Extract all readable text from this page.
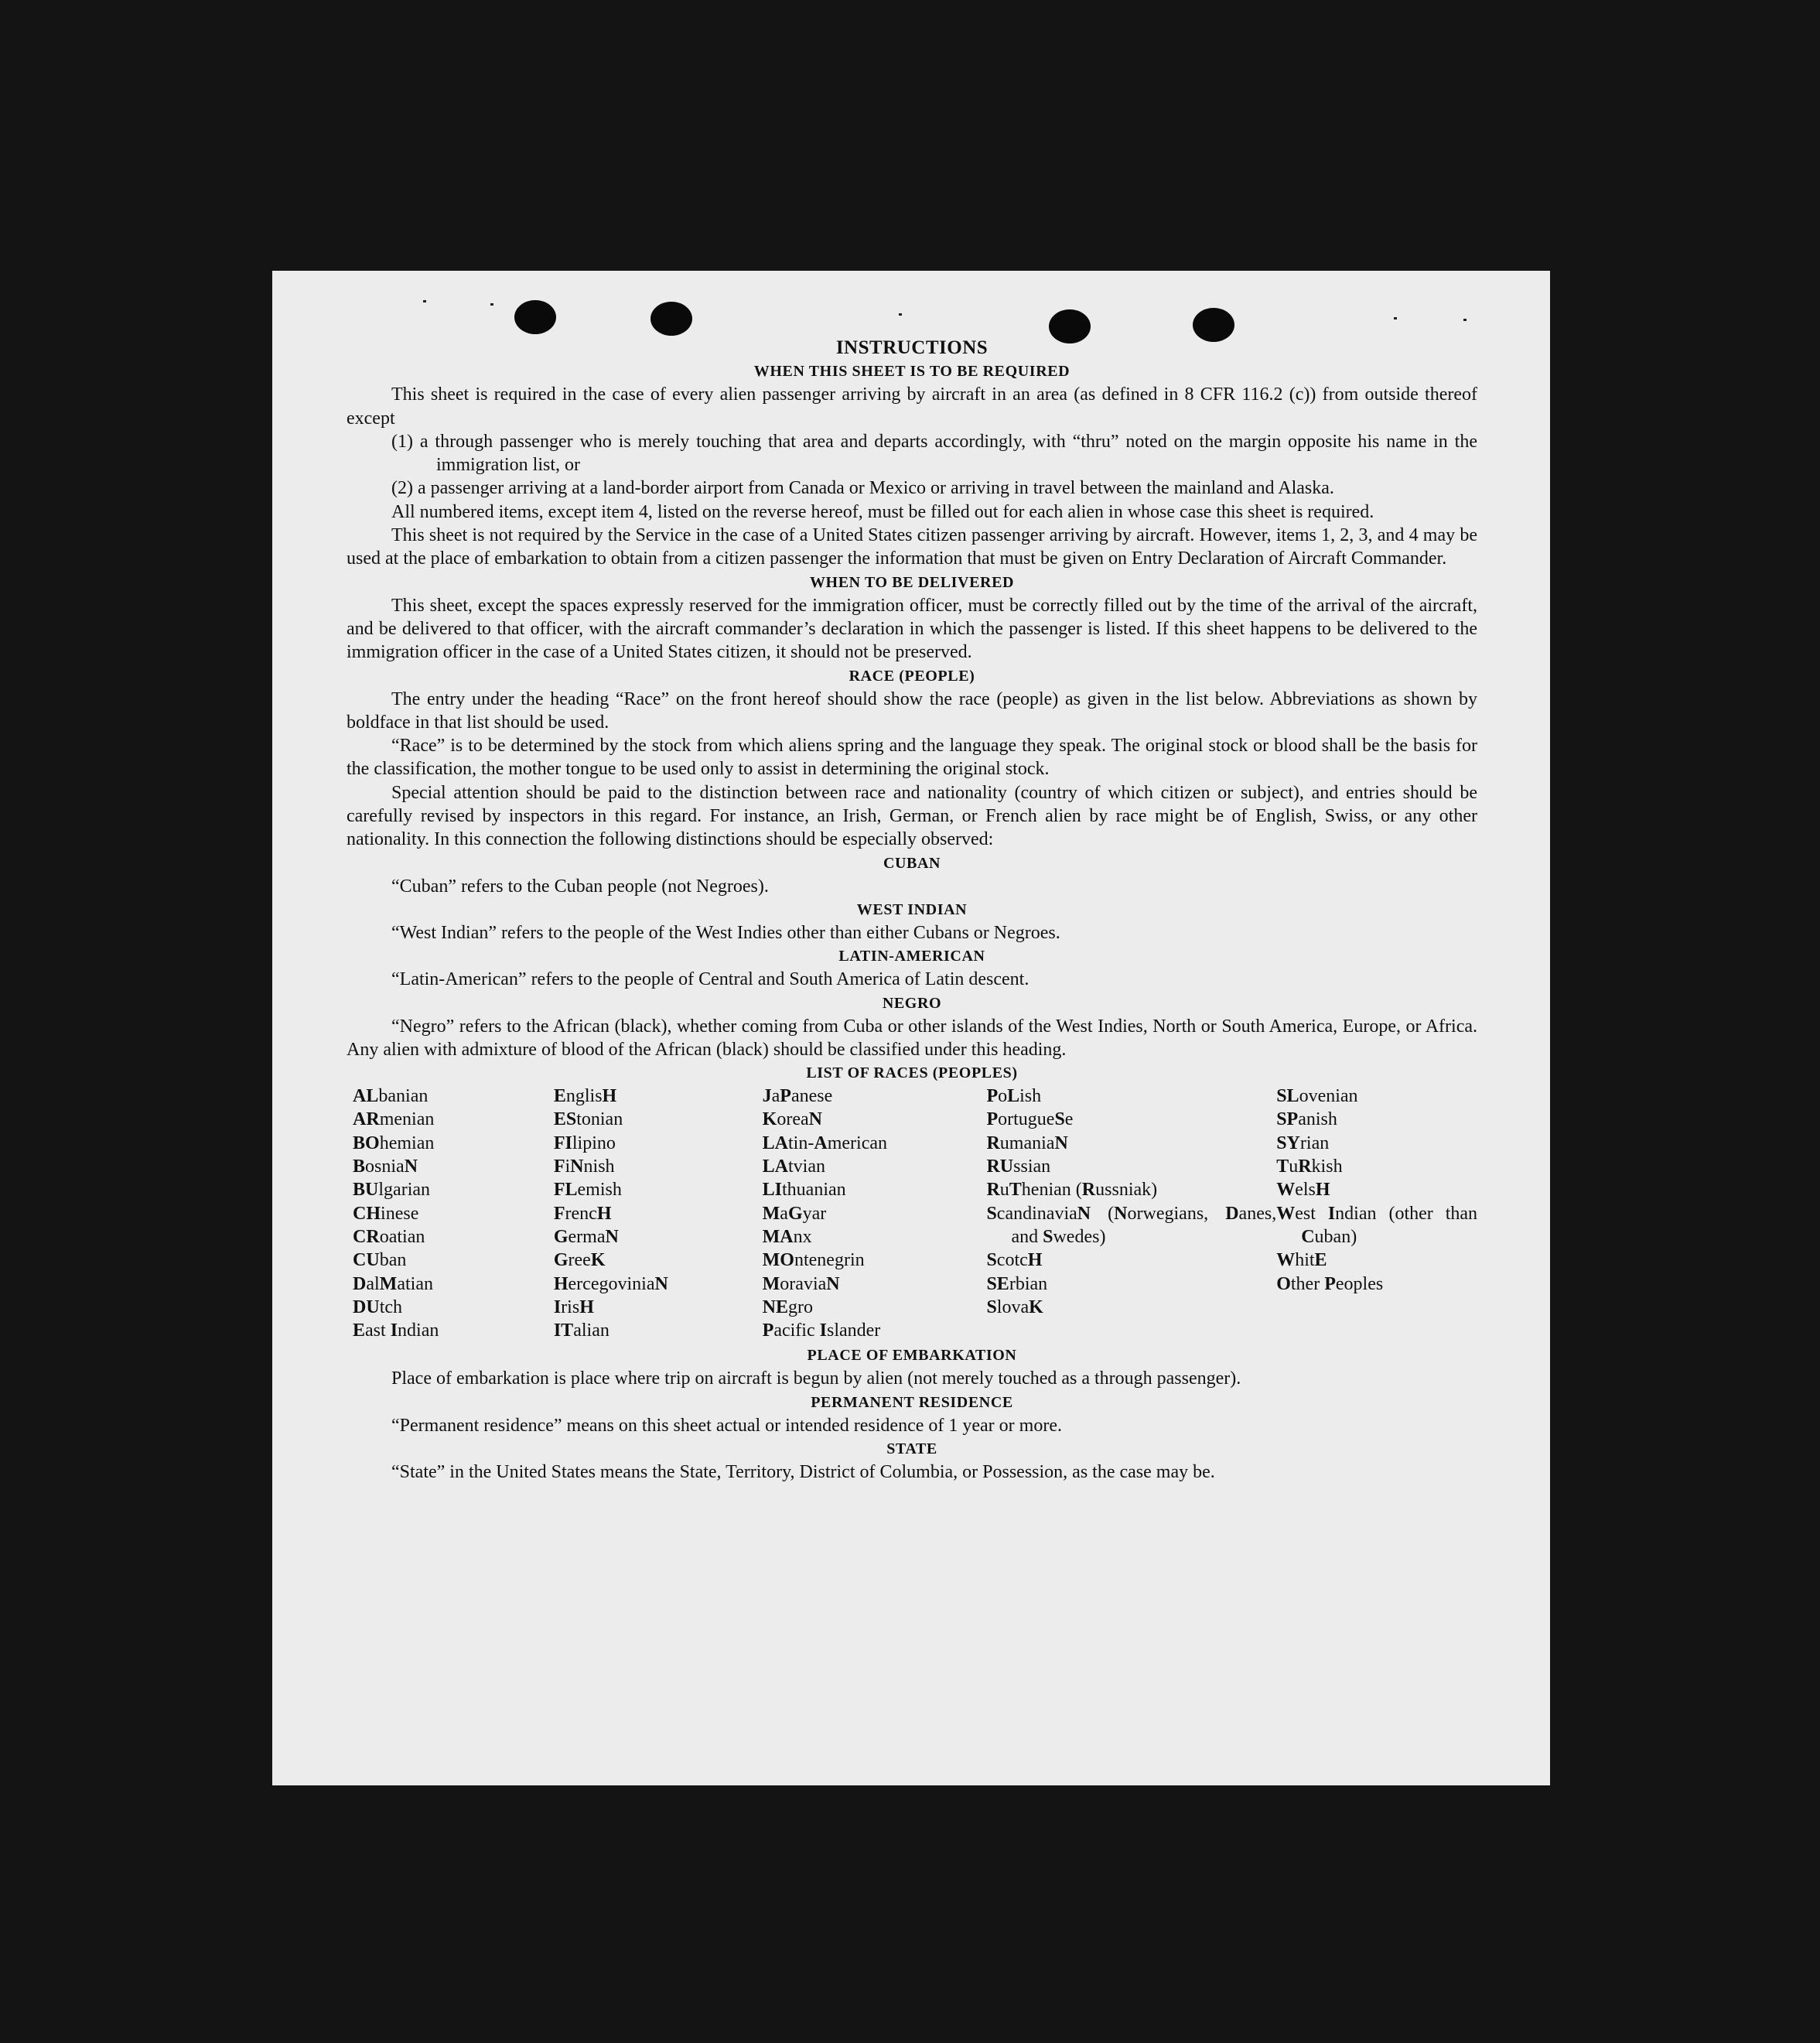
INSTRUCTIONS
WHEN THIS SHEET IS TO BE REQUIRED

This sheet is required in the case of every alien passenger arriving by aircraft in an area (as defined in 8 CFR 116.2 (c)) from outside thereof except

(1) a through passenger who is merely touching that area and departs accordingly, with “thru” noted on the margin opposite his name in the immigration list, or

(2) a passenger arriving at a land-border airport from Canada or Mexico or arriving in travel between the mainland and Alaska.

All numbered items, except item 4, listed on the reverse hereof, must be filled out for each alien in whose case this sheet is required.

This sheet is not required by the Service in the case of a United States citizen passenger arriving by aircraft. However, items 1, 2, 3, and 4 may be used at the place of embarkation to obtain from a citizen passenger the information that must be given on Entry Declaration of Aircraft Commander.

WHEN TO BE DELIVERED

This sheet, except the spaces expressly reserved for the immigration officer, must be correctly filled out by the time of the arrival of the aircraft, and be delivered to that officer, with the aircraft commander’s declaration in which the passenger is listed. If this sheet happens to be delivered to the immigration officer in the case of a United States citizen, it should not be preserved.

RACE (PEOPLE)

The entry under the heading “Race” on the front hereof should show the race (people) as given in the list below. Abbreviations as shown by boldface in that list should be used.

“Race” is to be determined by the stock from which aliens spring and the language they speak. The original stock or blood shall be the basis for the classification, the mother tongue to be used only to assist in determining the original stock.

Special attention should be paid to the distinction between race and nationality (country of which citizen or subject), and entries should be carefully revised by inspectors in this regard. For instance, an Irish, German, or French alien by race might be of English, Swiss, or any other nationality. In this connection the following distinctions should be especially observed:

CUBAN
“Cuban” refers to the Cuban people (not Negroes).
WEST INDIAN
“West Indian” refers to the people of the West Indies other than either Cubans or Negroes.
LATIN-AMERICAN
“Latin-American” refers to the people of Central and South America of Latin descent.
NEGRO

“Negro” refers to the African (black), whether coming from Cuba or other islands of the West Indies, North or South America, Europe, or Africa. Any alien with admixture of blood of the African (black) should be classified under this heading.

LIST OF RACES (PEOPLES)
ALbanian
ARmenian
BOhemian
BosniaN
BUlgarian
CHinese
CRoatian
CUban
DalMatian
DUtch
East Indian
EnglisH
EStonian
FIlipino
FiNnish
FLemish
FrencH
GermaN
GreeK
HercegoviniaN
IrisH
ITalian
JaPanese
KoreaN
LAtin-American
LAtvian
LIthuanian
MaGyar
MAnx
MOntenegrin
MoraviaN
NEgro
Pacific Islander
PoLish
PortugueSe
RumaniaN
RUssian
RuThenian (Russniak)
ScandinaviaN (Norwegians, Danes, and Swedes)
ScotcH
SErbian
SlovaK
SLovenian
SPanish
SYrian
TuRkish
WelsH
West Indian (other than Cuban)
WhitE
Other Peoples
PLACE OF EMBARKATION

Place of embarkation is place where trip on aircraft is begun by alien (not merely touched as a through passenger).

PERMANENT RESIDENCE
“Permanent residence” means on this sheet actual or intended residence of 1 year or more.
STATE

“State” in the United States means the State, Territory, District of Columbia, or Possession, as the case may be.
